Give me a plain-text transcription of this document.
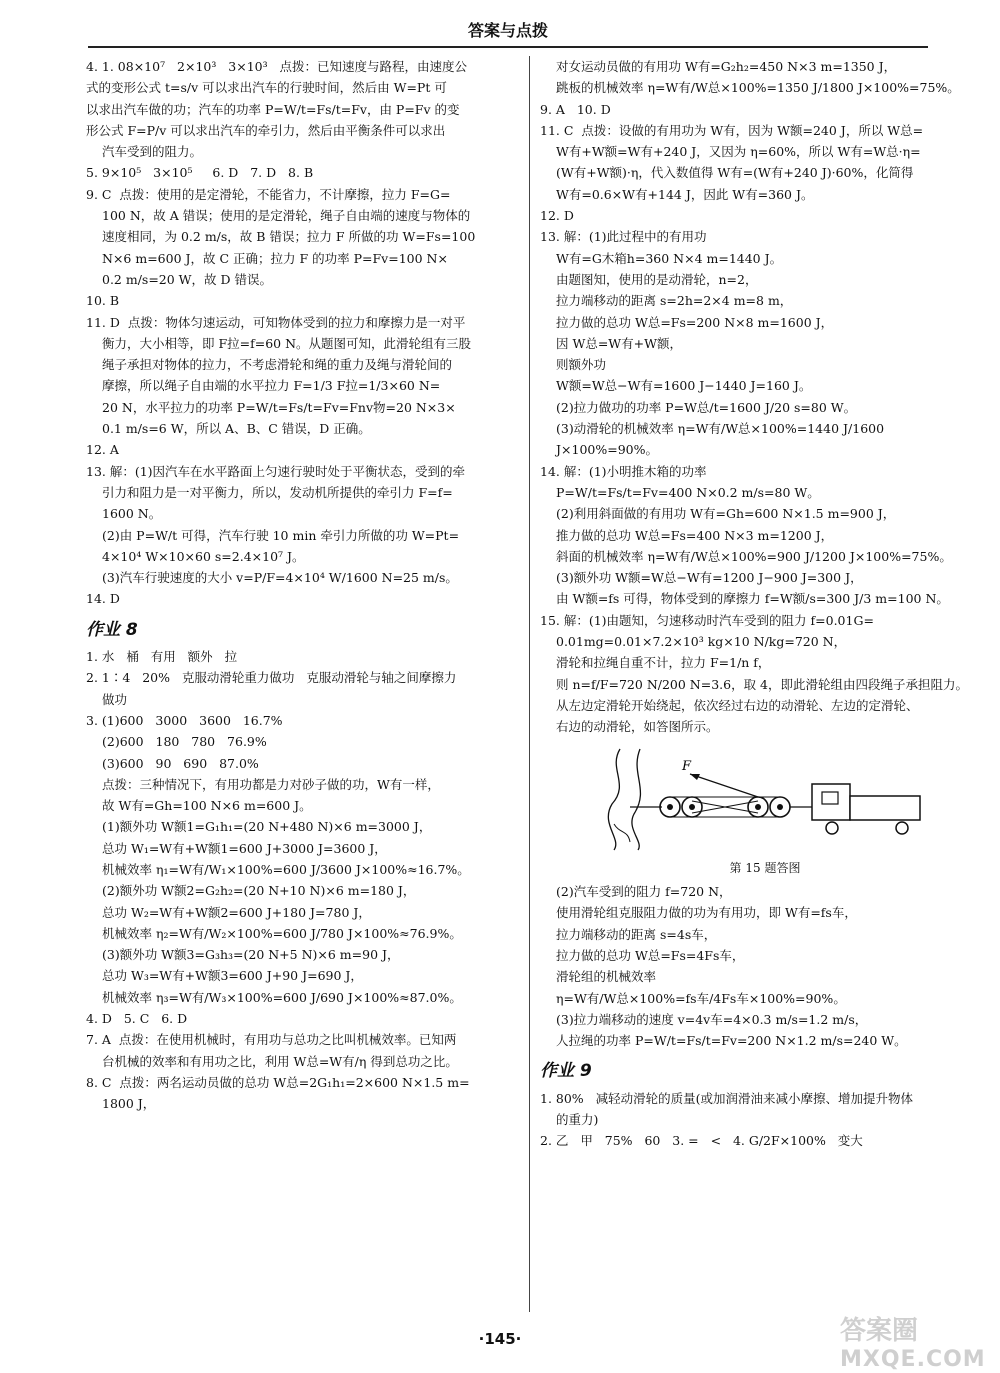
答案与点拨
4. 1. 08×10⁷   2×10³   3×10³   点拨：已知速度与路程，由速度公
式的变形公式 t=s/v 可以求出汽车的行驶时间，然后由 W=Pt 可
以求出汽车做的功；汽车的功率 P=W/t=Fs/t=Fv，由 P=Fv 的变
形公式 F=P/v 可以求出汽车的牵引力，然后由平衡条件可以求出
汽车受到的阻力。
5. 9×10⁵   3×10⁵     6. D   7. D   8. B
9. C  点拨：使用的是定滑轮，不能省力，不计摩擦，拉力 F=G=
100 N，故 A 错误；使用的是定滑轮，绳子自由端的速度与物体的
速度相同，为 0.2 m/s，故 B 错误；拉力 F 所做的功 W=Fs=100
N×6 m=600 J，故 C 正确；拉力 F 的功率 P=Fv=100 N×
0.2 m/s=20 W，故 D 错误。
10. B
11. D  点拨：物体匀速运动，可知物体受到的拉力和摩擦力是一对平
衡力，大小相等，即 F拉=f=60 N。从题图可知，此滑轮组有三股
绳子承担对物体的拉力，不考虑滑轮和绳的重力及绳与滑轮间的
摩擦，所以绳子自由端的水平拉力 F=1/3 F拉=1/3×60 N=
20 N，水平拉力的功率 P=W/t=Fs/t=Fv=Fnv物=20 N×3×
0.1 m/s=6 W，所以 A、B、C 错误，D 正确。
12. A
13. 解：(1)因汽车在水平路面上匀速行驶时处于平衡状态，受到的牵
引力和阻力是一对平衡力，所以，发动机所提供的牵引力 F=f=
1600 N。
(2)由 P=W/t 可得，汽车行驶 10 min 牵引力所做的功 W=Pt=
4×10⁴ W×10×60 s=2.4×10⁷ J。
(3)汽车行驶速度的大小 v=P/F=4×10⁴ W/1600 N=25 m/s。
14. D
作业 8
1. 水   桶   有用   额外   拉
2. 1∶4   20%   克服动滑轮重力做功   克服动滑轮与轴之间摩擦力
做功
3. (1)600   3000   3600   16.7%
(2)600   180   780   76.9%
(3)600   90   690   87.0%
点拨：三种情况下，有用功都是力对砂子做的功，W有一样，
故 W有=Gh=100 N×6 m=600 J。
(1)额外功 W额1=G₁h₁=(20 N+480 N)×6 m=3000 J，
总功 W₁=W有+W额1=600 J+3000 J=3600 J，
机械效率 η₁=W有/W₁×100%=600 J/3600 J×100%≈16.7%。
(2)额外功 W额2=G₂h₂=(20 N+10 N)×6 m=180 J，
总功 W₂=W有+W额2=600 J+180 J=780 J，
机械效率 η₂=W有/W₂×100%=600 J/780 J×100%≈76.9%。
(3)额外功 W额3=G₃h₃=(20 N+5 N)×6 m=90 J，
总功 W₃=W有+W额3=600 J+90 J=690 J，
机械效率 η₃=W有/W₃×100%=600 J/690 J×100%≈87.0%。
4. D   5. C   6. D
7. A  点拨：在使用机械时，有用功与总功之比叫机械效率。已知两
台机械的效率和有用功之比，利用 W总=W有/η 得到总功之比。
8. C  点拨：两名运动员做的总功 W总=2G₁h₁=2×600 N×1.5 m=
1800 J，
对女运动员做的有用功 W有=G₂h₂=450 N×3 m=1350 J，
跳板的机械效率 η=W有/W总×100%=1350 J/1800 J×100%=75%。
9. A   10. D
11. C  点拨：设做的有用功为 W有，因为 W额=240 J，所以 W总=
W有+W额=W有+240 J，又因为 η=60%，所以 W有=W总·η=
(W有+W额)·η，代入数值得 W有=(W有+240 J)·60%，化简得
W有=0.6×W有+144 J，因此 W有=360 J。
12. D
13. 解：(1)此过程中的有用功
W有=G木箱h=360 N×4 m=1440 J。
由题图知，使用的是动滑轮，n=2，
拉力端移动的距离 s=2h=2×4 m=8 m，
拉力做的总功 W总=Fs=200 N×8 m=1600 J，
因 W总=W有+W额，
则额外功
W额=W总−W有=1600 J−1440 J=160 J。
(2)拉力做功的功率 P=W总/t=1600 J/20 s=80 W。
(3)动滑轮的机械效率 η=W有/W总×100%=1440 J/1600 J×100%=90%。
14. 解：(1)小明推木箱的功率
P=W/t=Fs/t=Fv=400 N×0.2 m/s=80 W。
(2)利用斜面做的有用功 W有=Gh=600 N×1.5 m=900 J，
推力做的总功 W总=Fs=400 N×3 m=1200 J，
斜面的机械效率 η=W有/W总×100%=900 J/1200 J×100%=75%。
(3)额外功 W额=W总−W有=1200 J−900 J=300 J，
由 W额=fs 可得，物体受到的摩擦力 f=W额/s=300 J/3 m=100 N。
15. 解：(1)由题知，匀速移动时汽车受到的阻力 f=0.01G=
0.01mg=0.01×7.2×10³ kg×10 N/kg=720 N，
滑轮和拉绳自重不计，拉力 F=1/n f，
则 n=f/F=720 N/200 N=3.6，取 4，即此滑轮组由四段绳子承担阻力。
从左边定滑轮开始绕起，依次经过右边的动滑轮、左边的定滑轮、
右边的动滑轮，如答图所示。
F
第 15 题答图
(2)汽车受到的阻力 f=720 N，
使用滑轮组克服阻力做的功为有用功，即 W有=fs车，
拉力端移动的距离 s=4s车，
拉力做的总功 W总=Fs=4Fs车，
滑轮组的机械效率
η=W有/W总×100%=fs车/4Fs车×100%=90%。
(3)拉力端移动的速度 v=4v车=4×0.3 m/s=1.2 m/s，
人拉绳的功率 P=W/t=Fs/t=Fv=200 N×1.2 m/s=240 W。
作业 9
1. 80%   减轻动滑轮的质量(或加润滑油来减小摩擦、增加提升物体
的重力)
2. 乙   甲   75%   60   3. =   <   4. G/2F×100%   变大
·145·	答案圈
MXQE.COM
